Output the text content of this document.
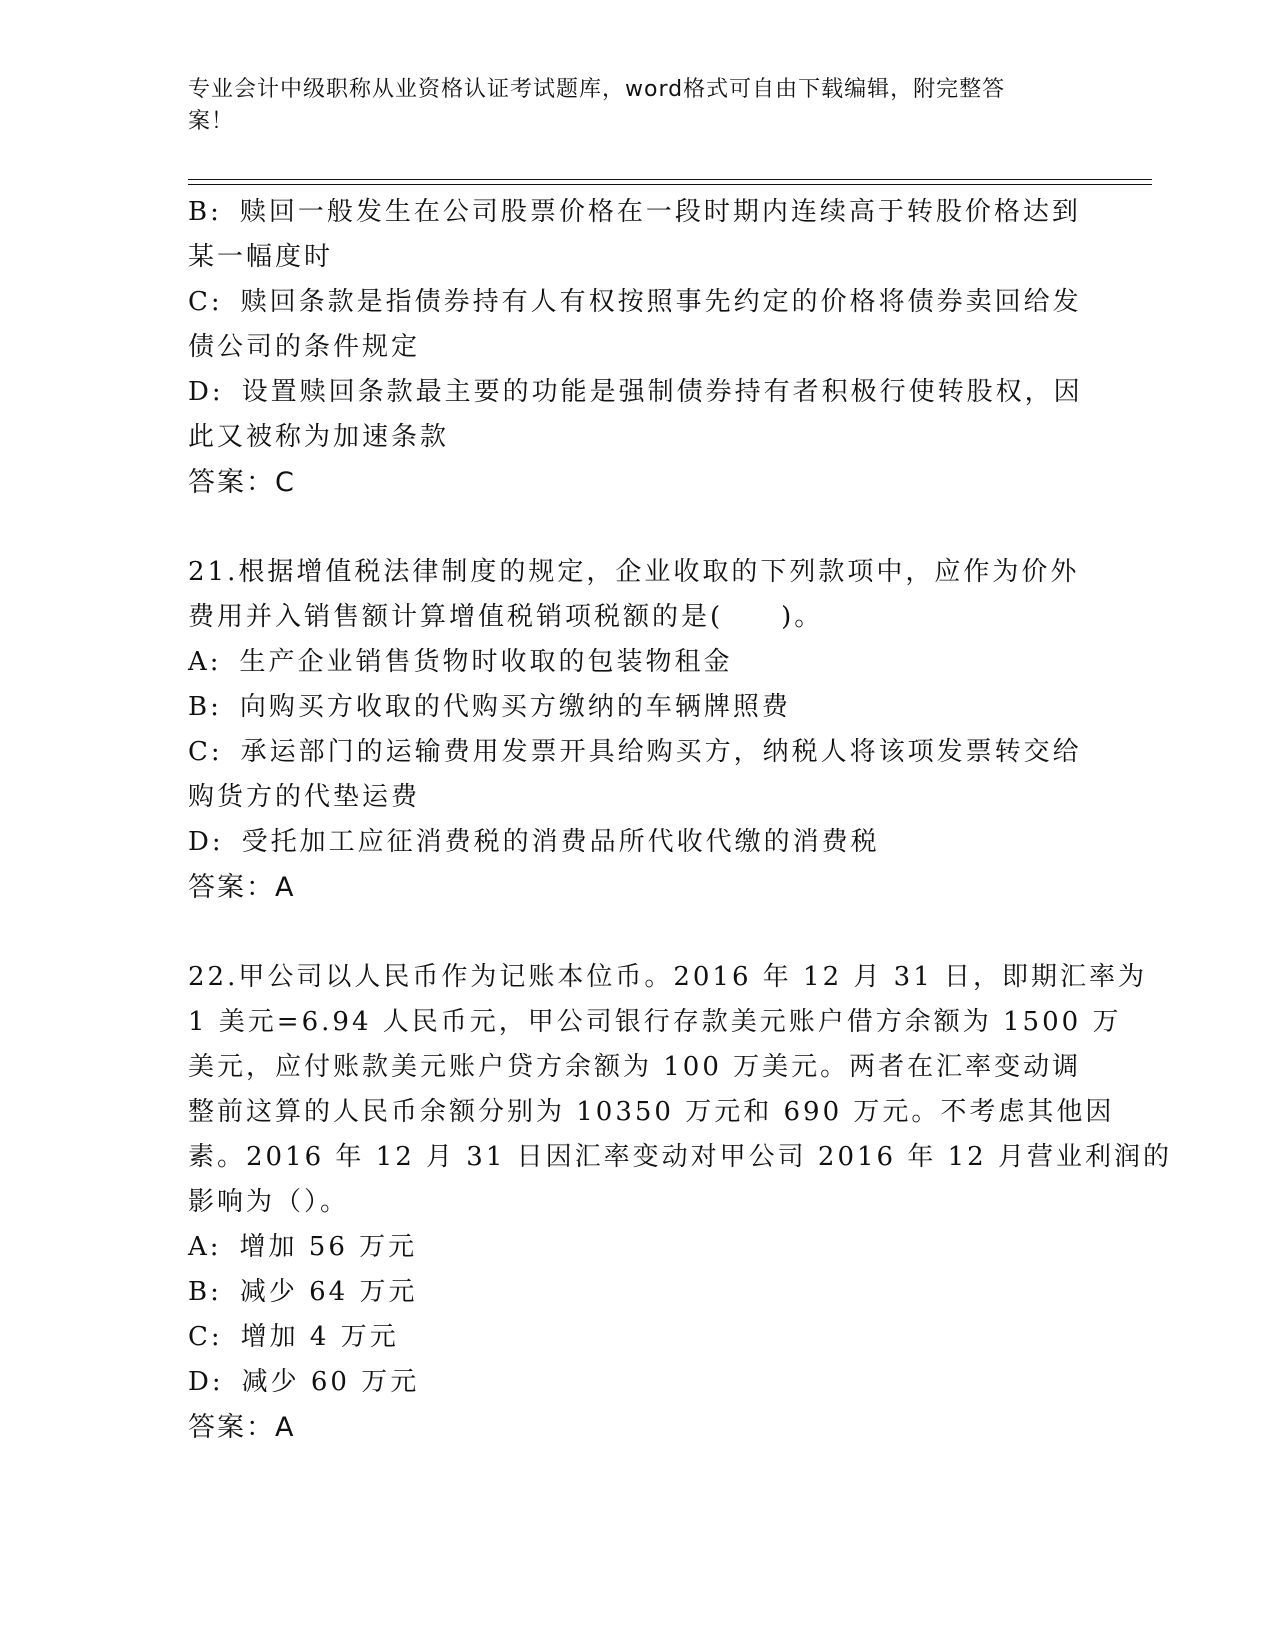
专业会计中级职称从业资格认证考试题库，word格式可自由下载编辑，附完整答
案！
B: 赎回一般发生在公司股票价格在一段时期内连续高于转股价格达到
某一幅度时
C: 赎回条款是指债券持有人有权按照事先约定的价格将债券卖回给发
债公司的条件规定
D: 设置赎回条款最主要的功能是强制债券持有者积极行使转股权，因
此又被称为加速条款
答案：C
21.根据增值税法律制度的规定，企业收取的下列款项中，应作为价外
费用并入销售额计算增值税销项税额的是(　　)。
A: 生产企业销售货物时收取的包装物租金
B: 向购买方收取的代购买方缴纳的车辆牌照费
C: 承运部门的运输费用发票开具给购买方，纳税人将该项发票转交给
购货方的代垫运费
D: 受托加工应征消费税的消费品所代收代缴的消费税
答案：A
22.甲公司以人民币作为记账本位币。2016 年 12 月 31 日，即期汇率为
1 美元=6.94 人民币元，甲公司银行存款美元账户借方余额为 1500 万
美元，应付账款美元账户贷方余额为 100 万美元。两者在汇率变动调
整前这算的人民币余额分别为 10350 万元和 690 万元。不考虑其他因
素。2016 年 12 月 31 日因汇率变动对甲公司 2016 年 12 月营业利润的
影响为（）。
A: 增加 56 万元
B: 减少 64 万元
C: 增加 4 万元
D: 减少 60 万元
答案：A
